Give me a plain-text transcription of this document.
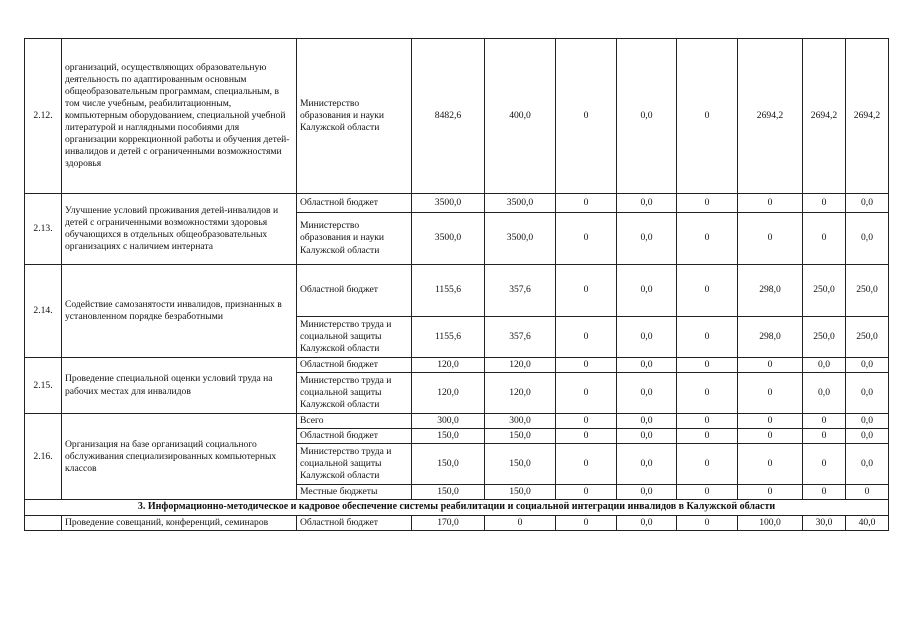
2.12.	организаций, осуществляющих образовательную деятельность по адаптированным основным общеобразовательным программам, специальным, в том числе учебным, реабилитационным, компьютерным оборудованием, специальной учебной литературой и наглядными пособиями для организации коррекционной работы и обучения детей-инвалидов и детей с ограниченными возможностями здоровья	Министерство образования и науки Калужской области	8482,6	400,0	0	0,0	0	2694,2	2694,2	2694,2
2.13.	Улучшение условий проживания детей-инвалидов и детей с ограниченными возможностями здоровья обучающихся в отдельных общеобразовательных организациях с наличием интерната	Областной бюджет	3500,0	3500,0	0	0,0	0	0	0	0,0
		Министерство образования и науки Калужской области	3500,0	3500,0	0	0,0	0	0	0	0,0
2.14.	Содействие самозанятости инвалидов, признанных в установленном порядке безработными	Областной бюджет	1155,6	357,6	0	0,0	0	298,0	250,0	250,0
		Министерство труда и социальной защиты Калужской области	1155,6	357,6	0	0,0	0	298,0	250,0	250,0
2.15.	Проведение специальной оценки условий труда на рабочих местах для инвалидов	Областной бюджет	120,0	120,0	0	0,0	0	0	0,0	0,0
		Министерство труда и социальной защиты Калужской области	120,0	120,0	0	0,0	0	0	0,0	0,0
2.16.	Организация на базе организаций социального обслуживания специализированных компьютерных классов	Всего	300,0	300,0	0	0,0	0	0	0	0,0
		Областной бюджет	150,0	150,0	0	0,0	0	0	0	0,0
		Министерство труда и социальной защиты Калужской области	150,0	150,0	0	0,0	0	0	0	0,0
		Местные бюджеты	150,0	150,0	0	0,0	0	0	0	0
3. Информационно-методическое и кадровое обеспечение системы реабилитации и социальной интеграции инвалидов в Калужской области										
	Проведение совещаний, конференций, семинаров	Областной бюджет	170,0	0	0	0,0	0	100,0	30,0	40,0
